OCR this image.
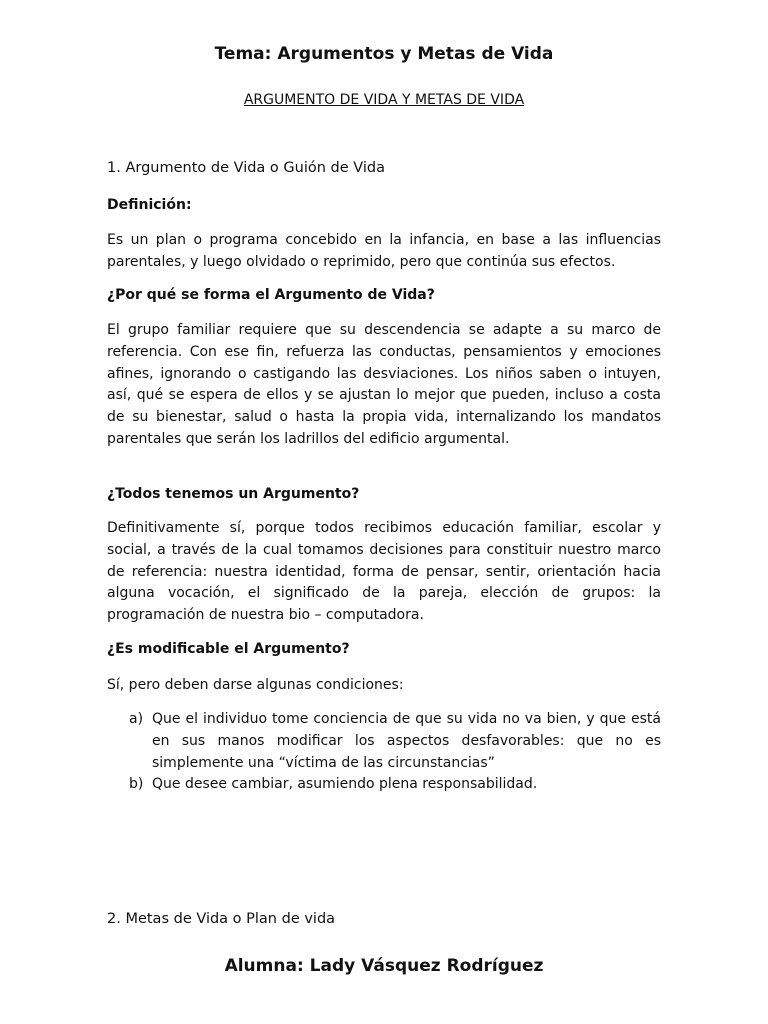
Tema: Argumentos y Metas de Vida
ARGUMENTO DE VIDA Y METAS DE VIDA
1. Argumento de Vida o Guión de Vida
Definición:
Es un plan o programa concebido en la infancia, en base a las influencias parentales, y luego olvidado o reprimido, pero que continúa sus efectos.
¿Por qué se forma el Argumento de Vida?
El grupo familiar requiere que su descendencia se adapte a su marco de referencia. Con ese fin, refuerza las conductas, pensamientos y emociones afines, ignorando o castigando las desviaciones. Los niños saben o intuyen, así, qué se espera de ellos y se ajustan lo mejor que pueden, incluso a costa de su bienestar, salud o hasta la propia vida, internalizando los mandatos parentales que serán los ladrillos del edificio argumental.
¿Todos tenemos un Argumento?
Definitivamente sí, porque todos recibimos educación familiar, escolar y social, a través de la cual tomamos decisiones para constituir nuestro marco de referencia: nuestra identidad, forma de pensar, sentir, orientación hacia alguna vocación, el significado de la pareja, elección de grupos: la programación de nuestra bio – computadora.
¿Es modificable el Argumento?
Sí, pero deben darse algunas condiciones:
a) Que el individuo tome conciencia de que su vida no va bien, y que está en sus manos modificar los aspectos desfavorables: que no es simplemente una “víctima de las circunstancias”
b) Que desee cambiar, asumiendo plena responsabilidad.
2. Metas de Vida o Plan de vida
Alumna: Lady Vásquez Rodríguez
